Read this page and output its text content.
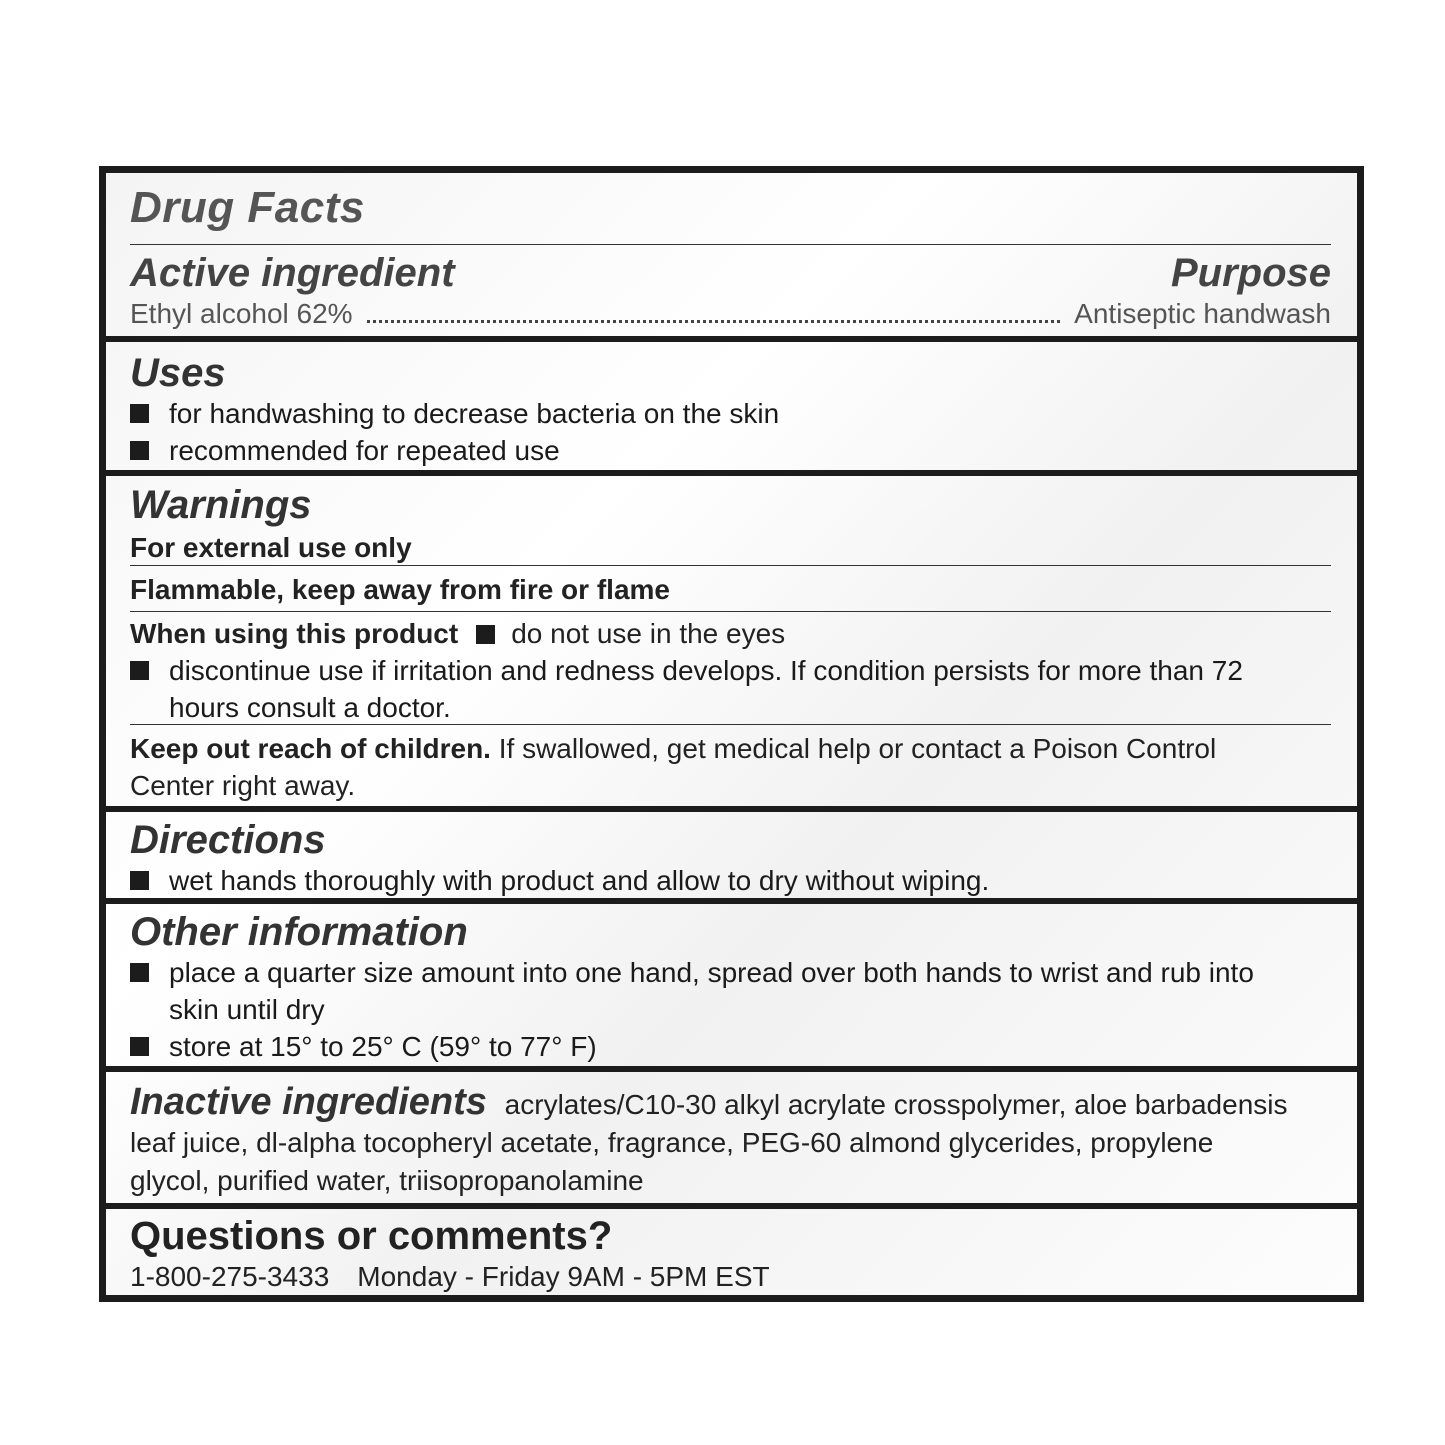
Drug Facts
Active ingredient	Purpose
Ethyl alcohol 62%	Antiseptic handwash
Uses
for handwashing to decrease bacteria on the skin
recommended for repeated use
Warnings
For external use only
Flammable, keep away from fire or flame
When using this product do not use in the eyes
discontinue use if irritation and redness develops. If condition persists for more than 72 hours consult a doctor.
Keep out reach of children. If swallowed, get medical help or contact a Poison Control Center right away.
Directions
wet hands thoroughly with product and allow to dry without wiping.
Other information
place a quarter size amount into one hand, spread over both hands to wrist and rub into skin until dry
store at 15° to 25° C (59° to 77° F)
Inactive ingredients acrylates/C10-30 alkyl acrylate crosspolymer, aloe barbadensis leaf juice, dl-alpha tocopheryl acetate, fragrance, PEG-60 almond glycerides, propylene glycol, purified water, triisopropanolamine
Questions or comments?
1-800-275-3433 Monday - Friday 9AM - 5PM EST
